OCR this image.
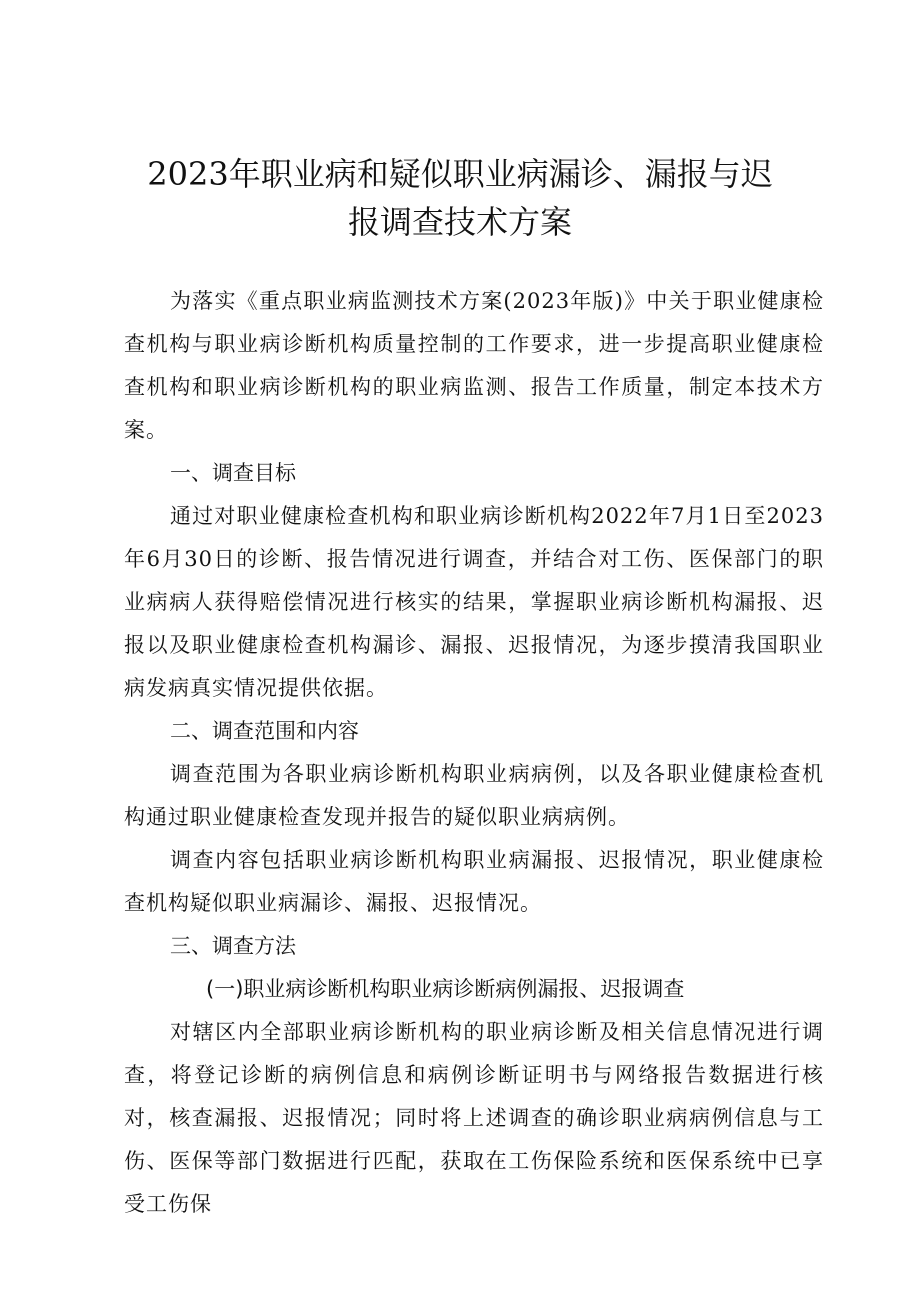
2023年职业病和疑似职业病漏诊、漏报与迟
报调查技术方案

为落实《重点职业病监测技术方案(2023年版)》中关于职业健康检查机构与职业病诊断机构质量控制的工作要求，进一步提高职业健康检查机构和职业病诊断机构的职业病监测、报告工作质量，制定本技术方案。

一、调查目标

通过对职业健康检查机构和职业病诊断机构2022年7月1日至2023年6月30日的诊断、报告情况进行调查，并结合对工伤、医保部门的职业病病人获得赔偿情况进行核实的结果，掌握职业病诊断机构漏报、迟报以及职业健康检查机构漏诊、漏报、迟报情况，为逐步摸清我国职业病发病真实情况提供依据。

二、调查范围和内容

调查范围为各职业病诊断机构职业病病例，以及各职业健康检查机构通过职业健康检查发现并报告的疑似职业病病例。

调查内容包括职业病诊断机构职业病漏报、迟报情况，职业健康检查机构疑似职业病漏诊、漏报、迟报情况。

三、调查方法
(一)职业病诊断机构职业病诊断病例漏报、迟报调查

对辖区内全部职业病诊断机构的职业病诊断及相关信息情况进行调查，将登记诊断的病例信息和病例诊断证明书与网络报告数据进行核对，核查漏报、迟报情况；同时将上述调查的确诊职业病病例信息与工伤、医保等部门数据进行匹配，获取在工伤保险系统和医保系统中已享受工伤保
